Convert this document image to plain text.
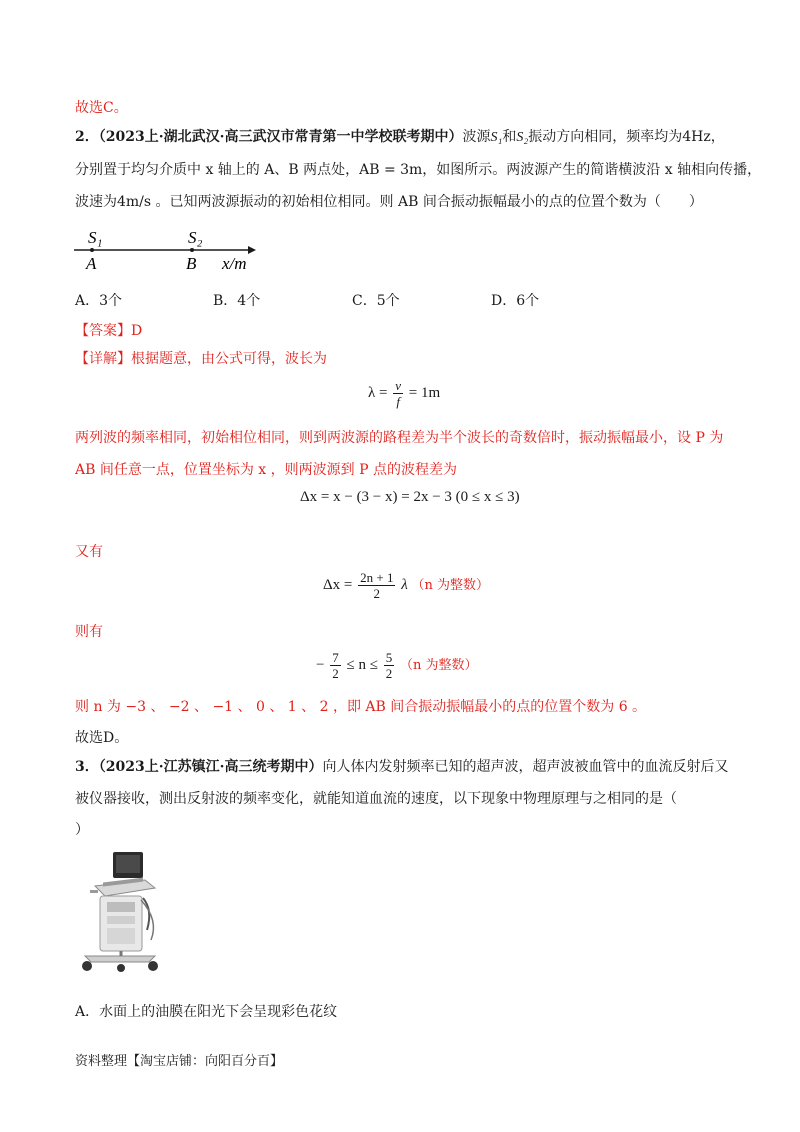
故选C。
2．（2023上·湖北武汉·高三武汉市常青第一中学校联考期中）波源S₁和S₂振动方向相同，频率均为4Hz，
分别置于均匀介质中 x 轴上的 A、B 两点处，AB = 3m，如图所示。两波源产生的简谐横波沿 x 轴相向传播，
波速为4m/s 。已知两波源振动的初始相位相同。则 AB 间合振动振幅最小的点的位置个数为（　　）
S₁	S₂
A	B x/m
A．3个	B．4个	C．5个	D．6个
【答案】D
【详解】根据题意，由公式可得，波长为
$\lambda = \frac{v}{f} = 1m$
两列波的频率相同，初始相位相同，则到两波源的路程差为半个波长的奇数倍时，振动振幅最小，设 P 为
AB 间任意一点，位置坐标为 x ，则两波源到 P 点的波程差为
Δx = x − (3 − x) = 2x − 3 (0 ≤ x ≤ 3)
又有
$\Delta x = \frac{2n + 1}{2}$ λ （n 为整数）
则有
− $\frac{7}{2} \le n \le \frac{5}{2} (n$ 为整数）
则 n 为 −3 、 −2 、 −1 、 0 、 1 、 2 ，即 AB 间合振动振幅最小的点的位置个数为 6 。
故选D。
3．（2023上·江苏镇江·高三统考期中）向人体内发射频率已知的超声波，超声波被血管中的血流反射后又
被仪器接收，测出反射波的频率变化，就能知道血流的速度，以下现象中物理原理与之相同的是（
）
A．水面上的油膜在阳光下会呈现彩色花纹
资料整理【淘宝店铺：向阳百分百】
